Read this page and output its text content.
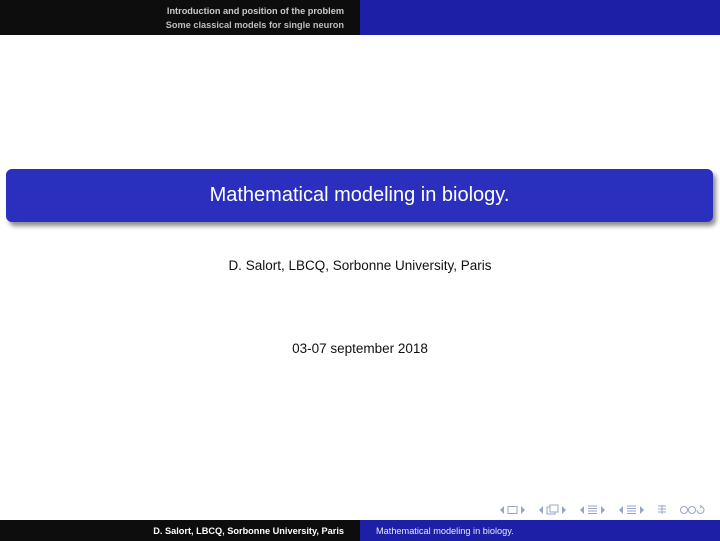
Introduction and position of the problem
Some classical models for single neuron
Mathematical modeling in biology.
D. Salort, LBCQ, Sorbonne University, Paris
03-07 september 2018
D. Salort, LBCQ, Sorbonne University, Paris	Mathematical modeling in biology.
